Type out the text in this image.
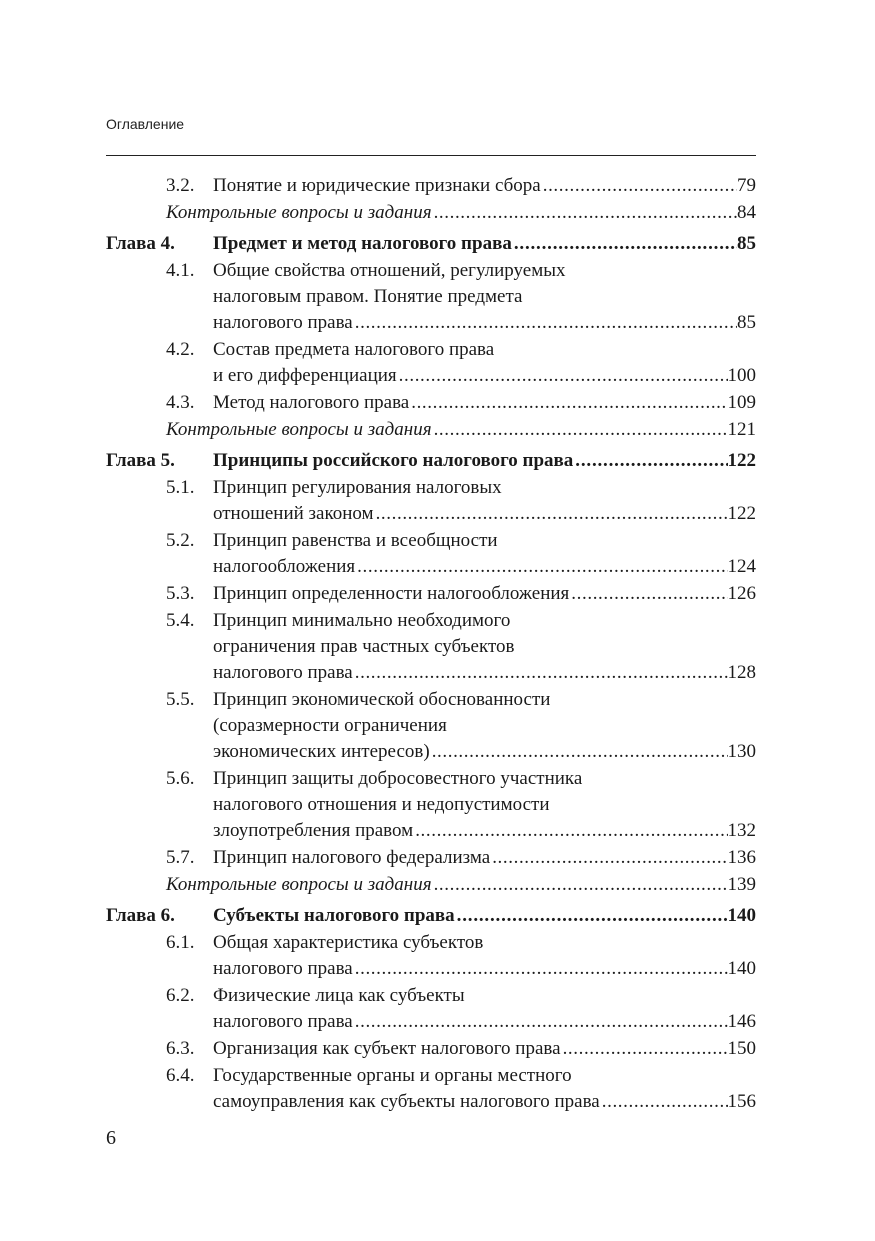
Оглавление
3.2. Понятие и юридические признаки сбора .....	79
Контрольные вопросы и задания .....	84
Глава 4.	Предмет и метод налогового права .....	85
4.1. Общие свойства отношений, регулируемых
налоговым правом. Понятие предмета
налогового права .....	85
4.2. Состав предмета налогового права
и его дифференциация .....	100
4.3. Метод налогового права .....	109
Контрольные вопросы и задания .....	121
Глава 5.	Принципы российского налогового права .....	122
5.1. Принцип регулирования налоговых
отношений законом .....	122
5.2. Принцип равенства и всеобщности
налогообложения .....	124
5.3. Принцип определенности налогообложения .....	126
5.4. Принцип минимально необходимого
ограничения прав частных субъектов
налогового права .....	128
5.5. Принцип экономической обоснованности
(соразмерности ограничения
экономических интересов) .....	130
5.6. Принцип защиты добросовестного участника
налогового отношения и недопустимости
злоупотребления правом .....	132
5.7. Принцип налогового федерализма .....	136
Контрольные вопросы и задания .....	139
Глава 6.	Субъекты налогового права .....	140
6.1. Общая характеристика субъектов
налогового права .....	140
6.2. Физические лица как субъекты
налогового права .....	146
6.3. Организация как субъект налогового права .....	150
6.4. Государственные органы и органы местного
самоуправления как субъекты налогового права .....	156
6
